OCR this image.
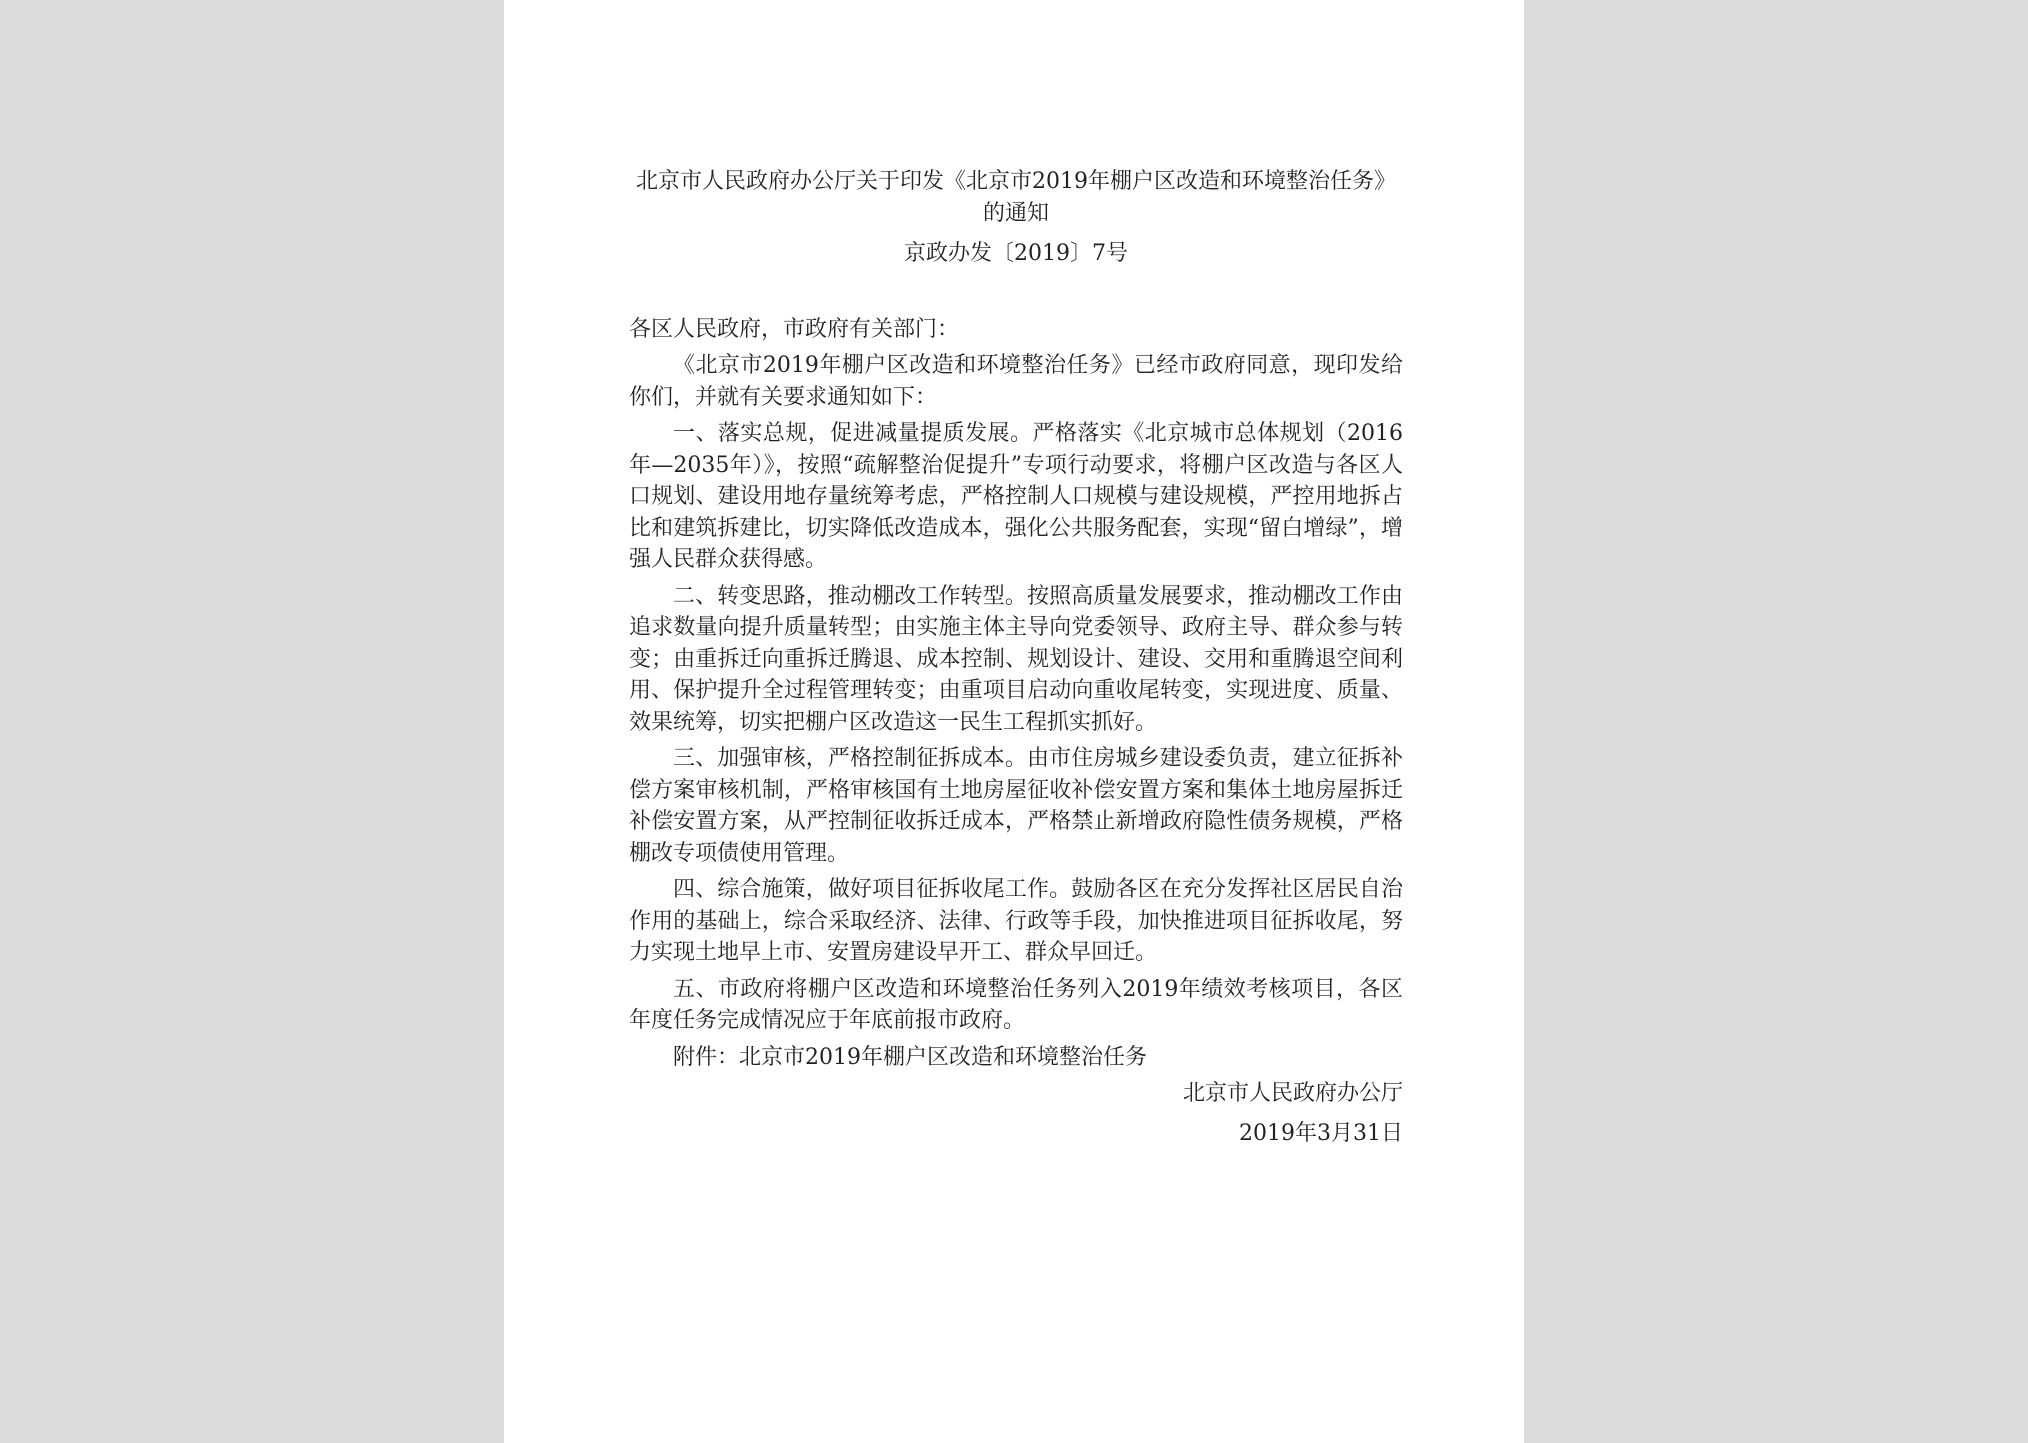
北京市人民政府办公厅关于印发《北京市2019年棚户区改造和环境整治任务》的通知
京政办发〔2019〕7号
各区人民政府，市政府有关部门：

《北京市2019年棚户区改造和环境整治任务》已经市政府同意，现印发给你们，并就有关要求通知如下：

一、落实总规，促进减量提质发展。严格落实《北京城市总体规划（2016年—2035年）》，按照“疏解整治促提升”专项行动要求，将棚户区改造与各区人口规划、建设用地存量统筹考虑，严格控制人口规模与建设规模，严控用地拆占比和建筑拆建比，切实降低改造成本，强化公共服务配套，实现“留白增绿”，增强人民群众获得感。

二、转变思路，推动棚改工作转型。按照高质量发展要求，推动棚改工作由追求数量向提升质量转型；由实施主体主导向党委领导、政府主导、群众参与转变；由重拆迁向重拆迁腾退、成本控制、规划设计、建设、交用和重腾退空间利用、保护提升全过程管理转变；由重项目启动向重收尾转变，实现进度、质量、效果统筹，切实把棚户区改造这一民生工程抓实抓好。

三、加强审核，严格控制征拆成本。由市住房城乡建设委负责，建立征拆补偿方案审核机制，严格审核国有土地房屋征收补偿安置方案和集体土地房屋拆迁补偿安置方案，从严控制征收拆迁成本，严格禁止新增政府隐性债务规模，严格棚改专项债使用管理。

四、综合施策，做好项目征拆收尾工作。鼓励各区在充分发挥社区居民自治作用的基础上，综合采取经济、法律、行政等手段，加快推进项目征拆收尾，努力实现土地早上市、安置房建设早开工、群众早回迁。

五、市政府将棚户区改造和环境整治任务列入2019年绩效考核项目，各区年度任务完成情况应于年底前报市政府。

附件：北京市2019年棚户区改造和环境整治任务

北京市人民政府办公厅
2019年3月31日
